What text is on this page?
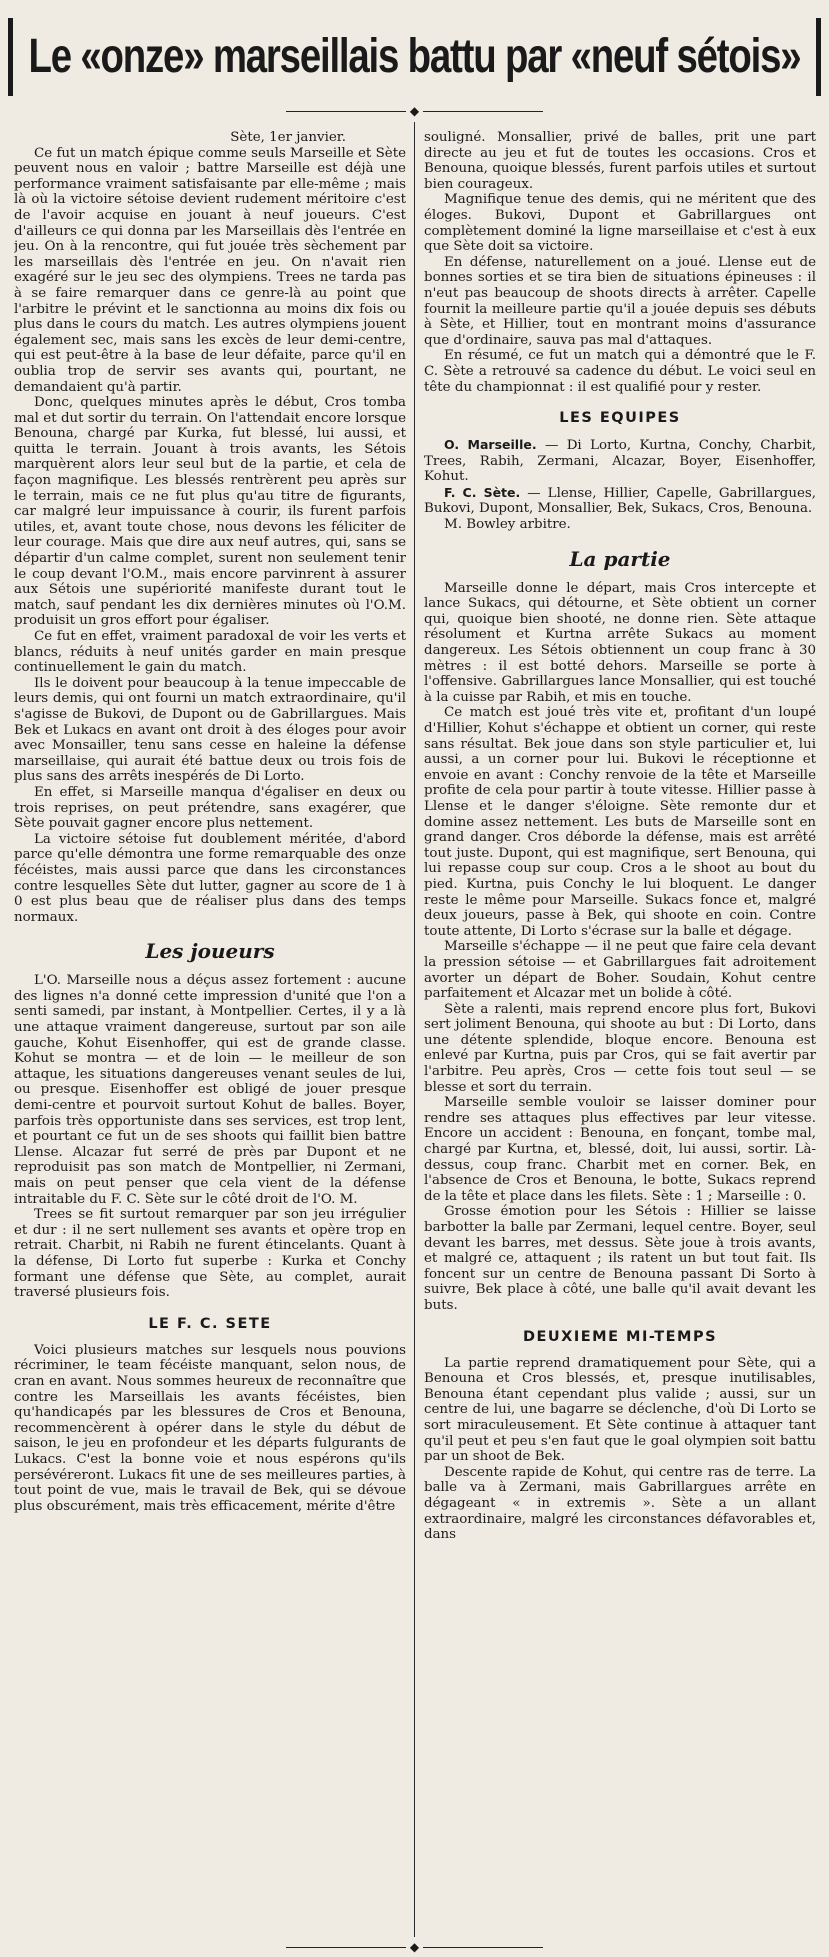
Le «onze» marseillais battu par «neuf sétois»
◆

Sète, 1er janvier.

Ce fut un match épique comme seuls Marseille et Sète peuvent nous en valoir ; battre Marseille est déjà une performance vraiment satisfaisante par elle-même ; mais là où la victoire sétoise devient rudement méritoire c'est de l'avoir acquise en jouant à neuf joueurs. C'est d'ailleurs ce qui donna par les Marseillais dès l'entrée en jeu. On à la rencontre, qui fut jouée très sèchement par les marseillais dès l'entrée en jeu. On n'avait rien exagéré sur le jeu sec des olympiens. Trees ne tarda pas à se faire remarquer dans ce genre-là au point que l'arbitre le prévint et le sanctionna au moins dix fois ou plus dans le cours du match. Les autres olympiens jouent également sec, mais sans les excès de leur demi-centre, qui est peut-être à la base de leur défaite, parce qu'il en oublia trop de servir ses avants qui, pourtant, ne demandaient qu'à partir.

Donc, quelques minutes après le début, Cros tomba mal et dut sortir du terrain. On l'attendait encore lorsque Benouna, chargé par Kurka, fut blessé, lui aussi, et quitta le terrain. Jouant à trois avants, les Sétois marquèrent alors leur seul but de la partie, et cela de façon magnifique. Les blessés rentrèrent peu après sur le terrain, mais ce ne fut plus qu'au titre de figurants, car malgré leur impuissance à courir, ils furent parfois utiles, et, avant toute chose, nous devons les féliciter de leur courage. Mais que dire aux neuf autres, qui, sans se départir d'un calme complet, surent non seulement tenir le coup devant l'O.M., mais encore parvinrent à assurer aux Sétois une supériorité manifeste durant tout le match, sauf pendant les dix dernières minutes où l'O.M. produisit un gros effort pour égaliser.

Ce fut en effet, vraiment paradoxal de voir les verts et blancs, réduits à neuf unités garder en main presque continuellement le gain du match.

Ils le doivent pour beaucoup à la tenue impeccable de leurs demis, qui ont fourni un match extraordinaire, qu'il s'agisse de Bukovi, de Dupont ou de Gabrillargues. Mais Bek et Lukacs en avant ont droit à des éloges pour avoir avec Monsailler, tenu sans cesse en haleine la défense marseillaise, qui aurait été battue deux ou trois fois de plus sans des arrêts inespérés de Di Lorto.

En effet, si Marseille manqua d'égaliser en deux ou trois reprises, on peut prétendre, sans exagérer, que Sète pouvait gagner encore plus nettement.

La victoire sétoise fut doublement méritée, d'abord parce qu'elle démontra une forme remarquable des onze fécéistes, mais aussi parce que dans les circonstances contre lesquelles Sète dut lutter, gagner au score de 1 à 0 est plus beau que de réaliser plus dans des temps normaux.

Les joueurs

L'O. Marseille nous a déçus assez fortement : aucune des lignes n'a donné cette impression d'unité que l'on a senti samedi, par instant, à Montpellier. Certes, il y a là une attaque vraiment dangereuse, surtout par son aile gauche, Kohut Eisenhoffer, qui est de grande classe. Kohut se montra — et de loin — le meilleur de son attaque, les situations dangereuses venant seules de lui, ou presque. Eisenhoffer est obligé de jouer presque demi-centre et pourvoit surtout Kohut de balles. Boyer, parfois très opportuniste dans ses services, est trop lent, et pourtant ce fut un de ses shoots qui faillit bien battre Llense. Alcazar fut serré de près par Dupont et ne reproduisit pas son match de Montpellier, ni Zermani, mais on peut penser que cela vient de la défense intraitable du F. C. Sète sur le côté droit de l'O. M.

Trees se fit surtout remarquer par son jeu irrégulier et dur : il ne sert nullement ses avants et opère trop en retrait. Charbit, ni Rabih ne furent étincelants. Quant à la défense, Di Lorto fut superbe : Kurka et Conchy formant une défense que Sète, au complet, aurait traversé plusieurs fois.

LE F. C. SETE

Voici plusieurs matches sur lesquels nous pouvions récriminer, le team fécéiste manquant, selon nous, de cran en avant. Nous sommes heureux de reconnaître que contre les Marseillais les avants fécéistes, bien qu'handicapés par les blessures de Cros et Benouna, recommencèrent à opérer dans le style du début de saison, le jeu en profondeur et les départs fulgurants de Lukacs. C'est la bonne voie et nous espérons qu'ils persévéreront. Lukacs fit une de ses meilleures parties, à tout point de vue, mais le travail de Bek, qui se dévoue plus obscurément, mais très efficacement, mérite d'être

souligné. Monsallier, privé de balles, prit une part directe au jeu et fut de toutes les occasions. Cros et Benouna, quoique blessés, furent parfois utiles et surtout bien courageux.

Magnifique tenue des demis, qui ne méritent que des éloges. Bukovi, Dupont et Gabrillargues ont complètement dominé la ligne marseillaise et c'est à eux que Sète doit sa victoire.

En défense, naturellement on a joué. Llense eut de bonnes sorties et se tira bien de situations épineuses : il n'eut pas beaucoup de shoots directs à arrêter. Capelle fournit la meilleure partie qu'il a jouée depuis ses débuts à Sète, et Hillier, tout en montrant moins d'assurance que d'ordinaire, sauva pas mal d'attaques.

En résumé, ce fut un match qui a démontré que le F. C. Sète a retrouvé sa cadence du début. Le voici seul en tête du championnat : il est qualifié pour y rester.

LES EQUIPES

O. Marseille. — Di Lorto, Kurtna, Conchy, Charbit, Trees, Rabih, Zermani, Alcazar, Boyer, Eisenhoffer, Kohut.

F. C. Sète. — Llense, Hillier, Capelle, Gabrillargues, Bukovi, Dupont, Monsallier, Bek, Sukacs, Cros, Benouna.

M. Bowley arbitre.

La partie

Marseille donne le départ, mais Cros intercepte et lance Sukacs, qui détourne, et Sète obtient un corner qui, quoique bien shooté, ne donne rien. Sète attaque résolument et Kurtna arrête Sukacs au moment dangereux. Les Sétois obtiennent un coup franc à 30 mètres : il est botté dehors. Marseille se porte à l'offensive. Gabrillargues lance Monsallier, qui est touché à la cuisse par Rabih, et mis en touche.

Ce match est joué très vite et, profitant d'un loupé d'Hillier, Kohut s'échappe et obtient un corner, qui reste sans résultat. Bek joue dans son style particulier et, lui aussi, a un corner pour lui. Bukovi le réceptionne et envoie en avant : Conchy renvoie de la tête et Marseille profite de cela pour partir à toute vitesse. Hillier passe à Llense et le danger s'éloigne. Sète remonte dur et domine assez nettement. Les buts de Marseille sont en grand danger. Cros déborde la défense, mais est arrêté tout juste. Dupont, qui est magnifique, sert Benouna, qui lui repasse coup sur coup. Cros a le shoot au bout du pied. Kurtna, puis Conchy le lui bloquent. Le danger reste le même pour Marseille. Sukacs fonce et, malgré deux joueurs, passe à Bek, qui shoote en coin. Contre toute attente, Di Lorto s'écrase sur la balle et dégage.

Marseille s'échappe — il ne peut que faire cela devant la pression sétoise — et Gabrillargues fait adroitement avorter un départ de Boher. Soudain, Kohut centre parfaitement et Alcazar met un bolide à côté.

Sète a ralenti, mais reprend encore plus fort, Bukovi sert joliment Benouna, qui shoote au but : Di Lorto, dans une détente splendide, bloque encore. Benouna est enlevé par Kurtna, puis par Cros, qui se fait avertir par l'arbitre. Peu après, Cros — cette fois tout seul — se blesse et sort du terrain.

Marseille semble vouloir se laisser dominer pour rendre ses attaques plus effectives par leur vitesse. Encore un accident : Benouna, en fonçant, tombe mal, chargé par Kurtna, et, blessé, doit, lui aussi, sortir. Là-dessus, coup franc. Charbit met en corner. Bek, en l'absence de Cros et Benouna, le botte, Sukacs reprend de la tête et place dans les filets. Sète : 1 ; Marseille : 0.

Grosse émotion pour les Sétois : Hillier se laisse barbotter la balle par Zermani, lequel centre. Boyer, seul devant les barres, met dessus. Sète joue à trois avants, et malgré ce, attaquent ; ils ratent un but tout fait. Ils foncent sur un centre de Benouna passant Di Sorto à suivre, Bek place à côté, une balle qu'il avait devant les buts.

DEUXIEME MI-TEMPS

La partie reprend dramatiquement pour Sète, qui a Benouna et Cros blessés, et, presque inutilisables, Benouna étant cependant plus valide ; aussi, sur un centre de lui, une bagarre se déclenche, d'où Di Lorto se sort miraculeusement. Et Sète continue à attaquer tant qu'il peut et peu s'en faut que le goal olympien soit battu par un shoot de Bek.

Descente rapide de Kohut, qui centre ras de terre. La balle va à Zermani, mais Gabrillargues arrête en dégageant « in extremis ». Sète a un allant extraordinaire, malgré les circonstances défavorables et, dans

◆
